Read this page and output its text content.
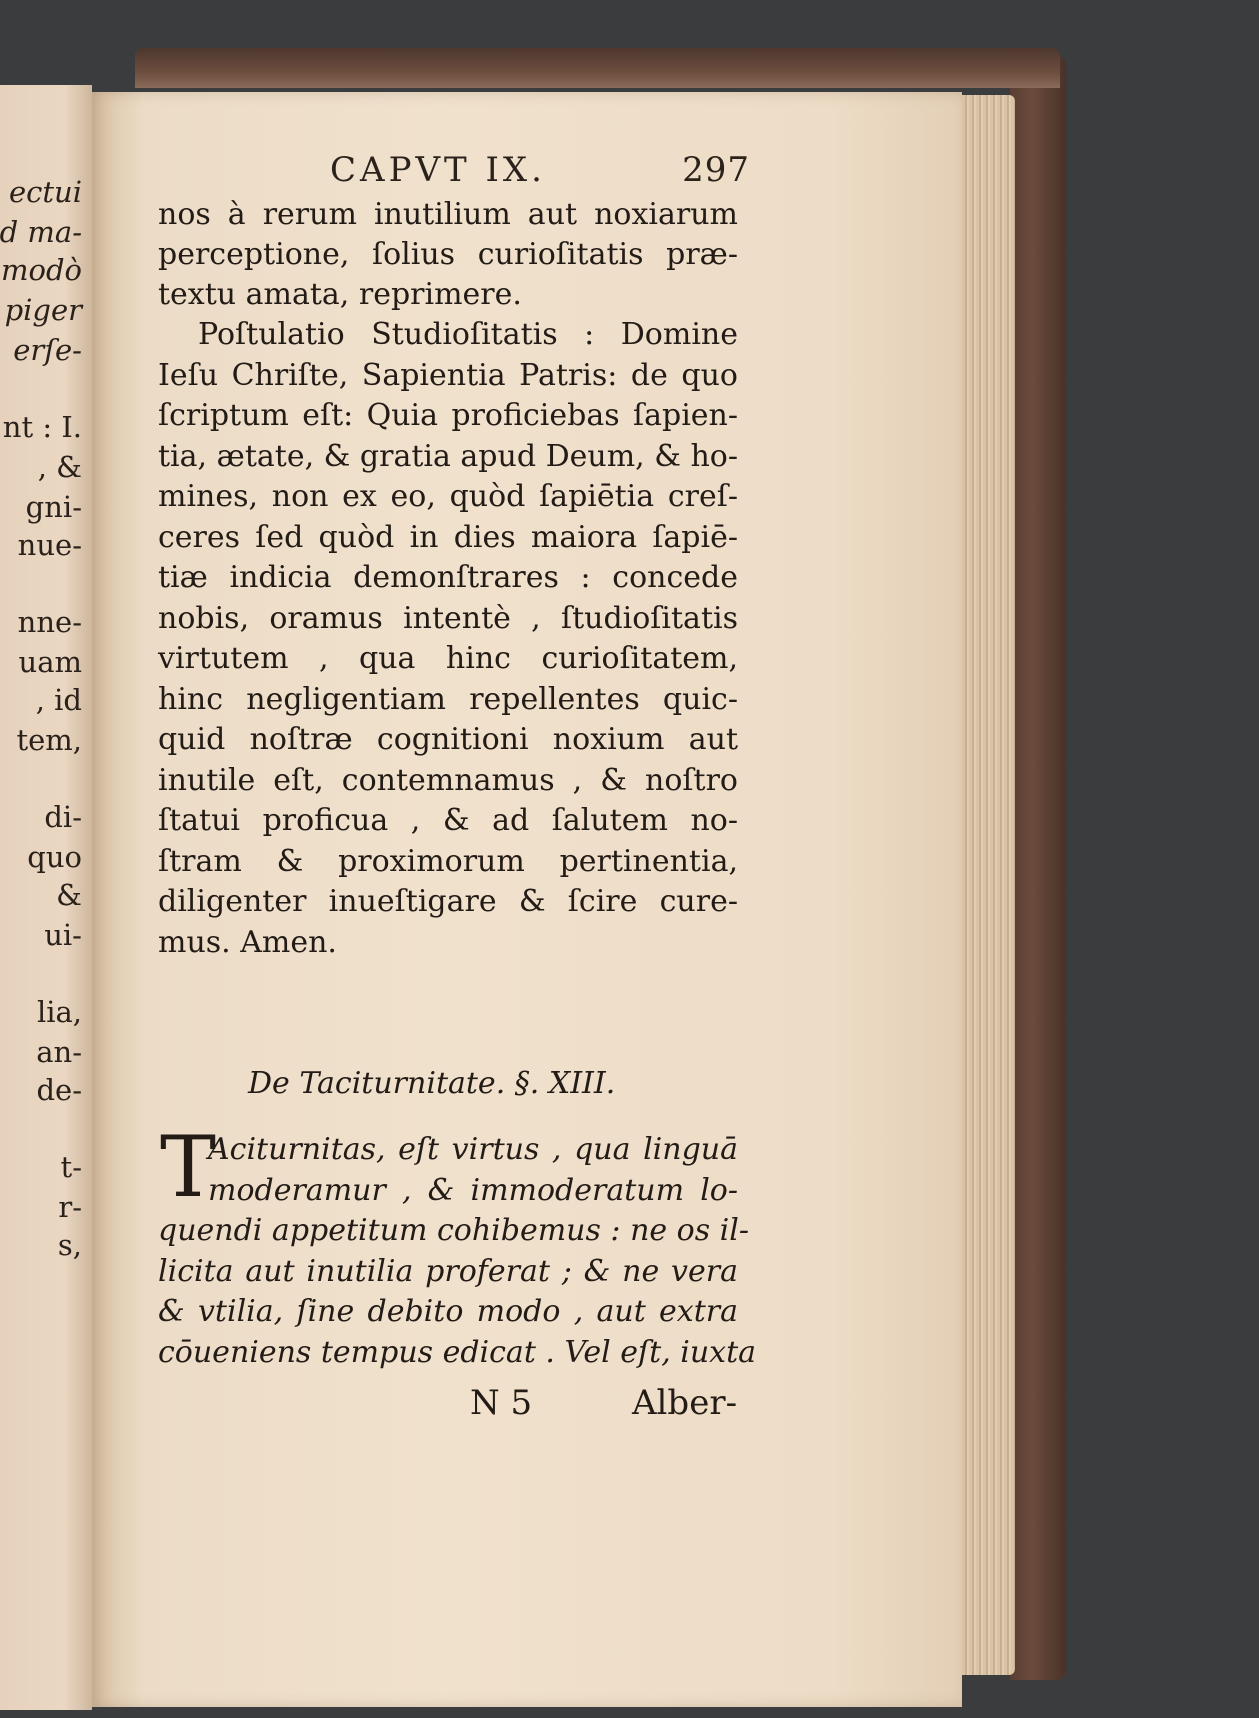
ectui
d ma-
modò
piger
erſe-
nt : I.
, &
gni-
nue-
nne-
uam
, id
tem,
di-
quo
&
ui-
lia,
an-
de-
t-
r-
s,
CAPVT IX.	297
nos à rerum inutilium aut noxiarum
perceptione, ſolius curioſitatis præ-
textu amata, reprimere.
Poſtulatio Studioſitatis : Domine
Ieſu Chriſte, Sapientia Patris: de quo
ſcriptum eſt: Quia proficiebas ſapien-
tia, ætate, & gratia apud Deum, & ho-
mines, non ex eo, quòd ſapiētia creſ-
ceres ſed quòd in dies maiora ſapiē-
tiæ indicia demonſtrares : concede
nobis, oramus intentè , ſtudioſitatis
virtutem , qua hinc curioſitatem,
hinc negligentiam repellentes quic-
quid noſtræ cognitioni noxium aut
inutile eſt, contemnamus , & noſtro
ſtatui proficua , & ad ſalutem no-
ſtram & proximorum pertinentia,
diligenter inueſtigare & ſcire cure-
mus. Amen.
De Taciturnitate. §. XIII.
T
Aciturnitas, eſt virtus , qua linguā
moderamur , & immoderatum lo-
quendi appetitum cohibemus : ne os il-
licita aut inutilia proferat ; & ne vera
& vtilia, ſine debito modo , aut extra
cōueniens tempus edicat . Vel eſt, iuxta
N 5	Alber-
